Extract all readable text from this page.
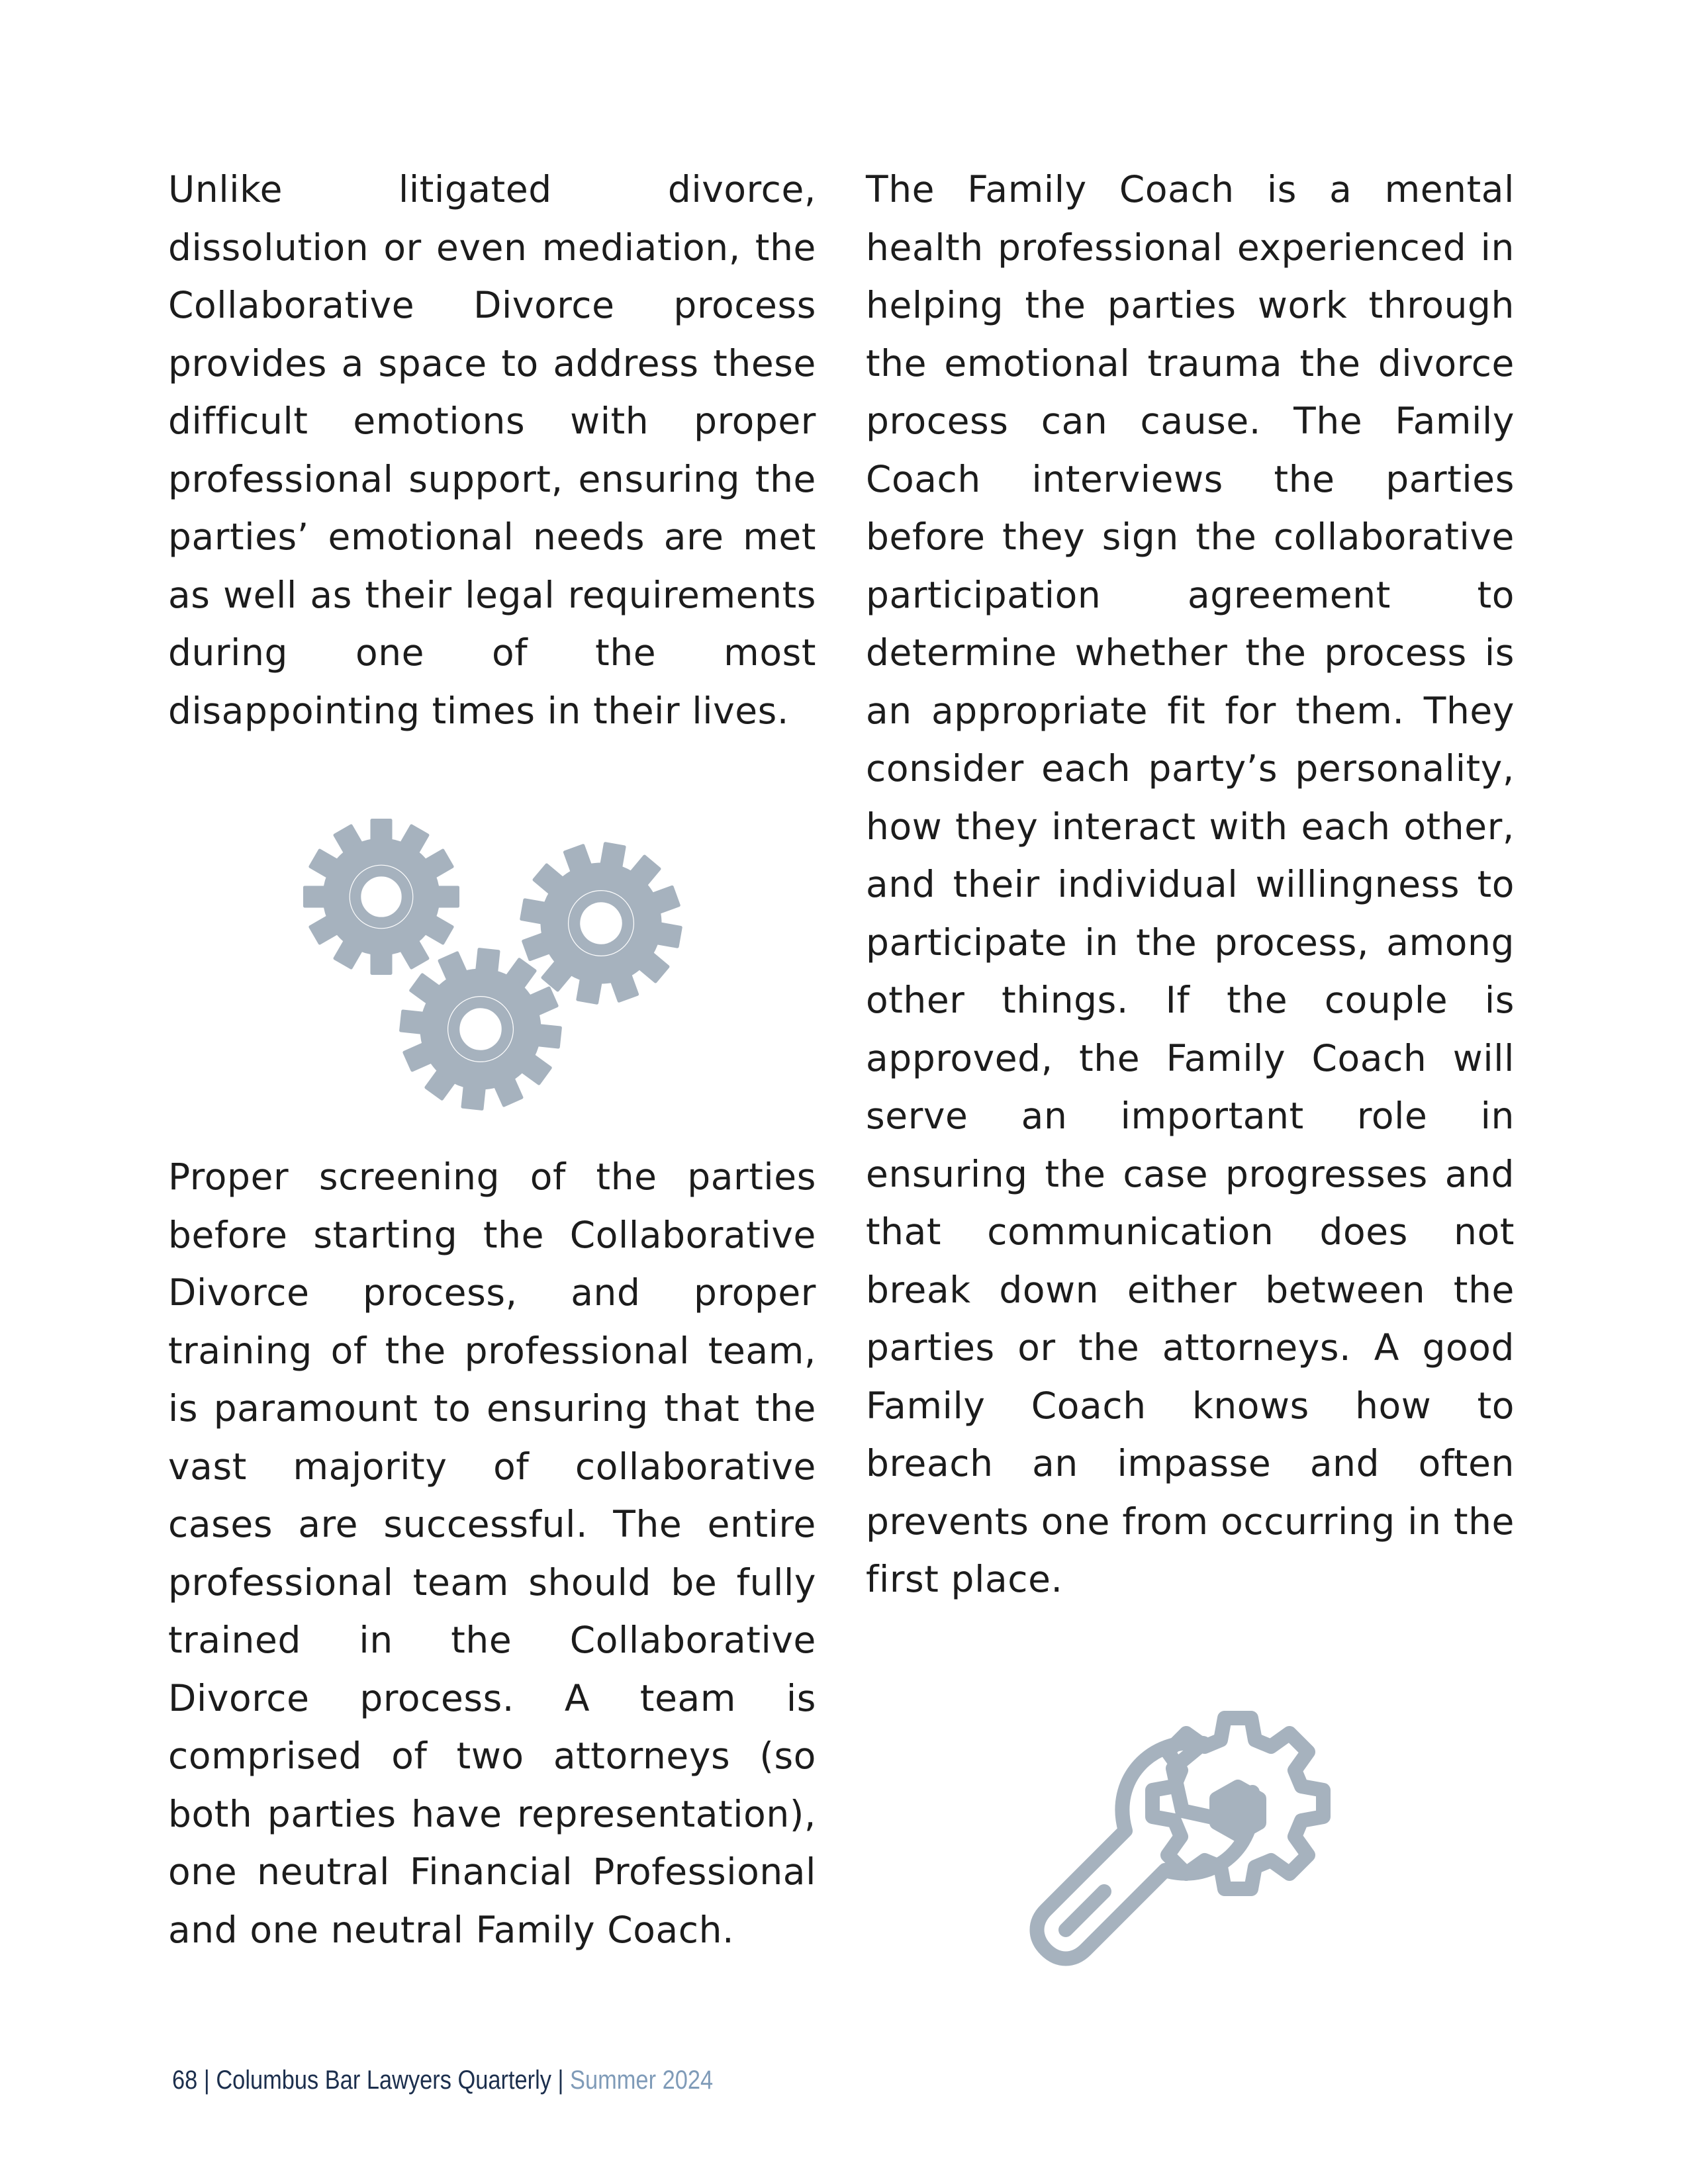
Unlike litigated divorce, dissolution or even mediation, the Collaborative Divorce process provides a space to address these difficult emotions with proper professional support, ensuring the parties’ emotional needs are met as well as their legal requirements during one of the most disappointing times in their lives.

Proper screening of the parties before starting the Collaborative Divorce process, and proper training of the professional team, is paramount to ensuring that the vast majority of collaborative cases are successful. The entire professional team should be fully trained in the Collaborative Divorce process. A team is comprised of two attorneys (so both parties have representation), one neutral Financial Professional and one neutral Family Coach.

The Family Coach is a mental health professional experienced in helping the parties work through the emotional trauma the divorce process can cause. The Family Coach interviews the parties before they sign the collaborative participation agreement to determine whether the process is an appropriate fit for them. They consider each party’s personality, how they interact with each other, and their individual willingness to participate in the process, among other things. If the couple is approved, the Family Coach will serve an important role in ensuring the case progresses and that communication does not break down either between the parties or the attorneys. A good Family Coach knows how to breach an impasse and often prevents one from occurring in the first place.

68 | Columbus Bar Lawyers Quarterly | Summer 2024
